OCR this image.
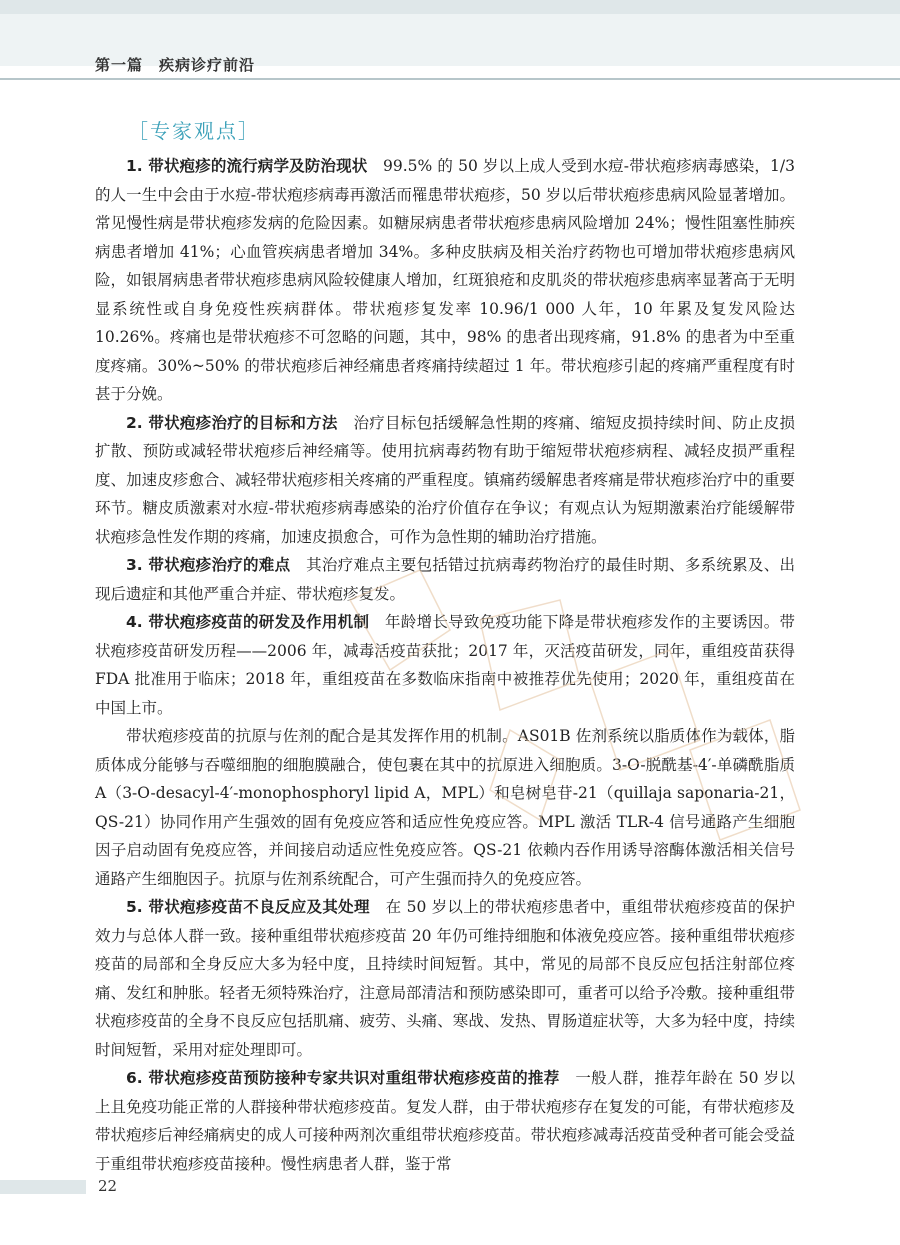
第一篇　疾病诊疗前沿
［专家观点］

1. 带状疱疹的流行病学及防治现状　99.5% 的 50 岁以上成人受到水痘-带状疱疹病毒感染，1/3 的人一生中会由于水痘-带状疱疹病毒再激活而罹患带状疱疹，50 岁以后带状疱疹患病风险显著增加。常见慢性病是带状疱疹发病的危险因素。如糖尿病患者带状疱疹患病风险增加 24%；慢性阻塞性肺疾病患者增加 41%；心血管疾病患者增加 34%。多种皮肤病及相关治疗药物也可增加带状疱疹患病风险，如银屑病患者带状疱疹患病风险较健康人增加，红斑狼疮和皮肌炎的带状疱疹患病率显著高于无明显系统性或自身免疫性疾病群体。带状疱疹复发率 10.96/1 000 人年，10 年累及复发风险达 10.26%。疼痛也是带状疱疹不可忽略的问题，其中，98% 的患者出现疼痛，91.8% 的患者为中至重度疼痛。30%~50% 的带状疱疹后神经痛患者疼痛持续超过 1 年。带状疱疹引起的疼痛严重程度有时甚于分娩。

2. 带状疱疹治疗的目标和方法　治疗目标包括缓解急性期的疼痛、缩短皮损持续时间、防止皮损扩散、预防或减轻带状疱疹后神经痛等。使用抗病毒药物有助于缩短带状疱疹病程、减轻皮损严重程度、加速皮疹愈合、减轻带状疱疹相关疼痛的严重程度。镇痛药缓解患者疼痛是带状疱疹治疗中的重要环节。糖皮质激素对水痘-带状疱疹病毒感染的治疗价值存在争议；有观点认为短期激素治疗能缓解带状疱疹急性发作期的疼痛，加速皮损愈合，可作为急性期的辅助治疗措施。

3. 带状疱疹治疗的难点　其治疗难点主要包括错过抗病毒药物治疗的最佳时期、多系统累及、出现后遗症和其他严重合并症、带状疱疹复发。

4. 带状疱疹疫苗的研发及作用机制　年龄增长导致免疫功能下降是带状疱疹发作的主要诱因。带状疱疹疫苗研发历程——2006 年，减毒活疫苗获批；2017 年，灭活疫苗研发，同年，重组疫苗获得 FDA 批准用于临床；2018 年，重组疫苗在多数临床指南中被推荐优先使用；2020 年，重组疫苗在中国上市。

带状疱疹疫苗的抗原与佐剂的配合是其发挥作用的机制。AS01B 佐剂系统以脂质体作为载体，脂质体成分能够与吞噬细胞的细胞膜融合，使包裹在其中的抗原进入细胞质。3-O-脱酰基-4′-单磷酰脂质 A（3-O-desacyl-4′-monophosphoryl lipid A，MPL）和皂树皂苷-21（quillaja saponaria-21，QS-21）协同作用产生强效的固有免疫应答和适应性免疫应答。MPL 激活 TLR-4 信号通路产生细胞因子启动固有免疫应答，并间接启动适应性免疫应答。QS-21 依赖内吞作用诱导溶酶体激活相关信号通路产生细胞因子。抗原与佐剂系统配合，可产生强而持久的免疫应答。

5. 带状疱疹疫苗不良反应及其处理　在 50 岁以上的带状疱疹患者中，重组带状疱疹疫苗的保护效力与总体人群一致。接种重组带状疱疹疫苗 20 年仍可维持细胞和体液免疫应答。接种重组带状疱疹疫苗的局部和全身反应大多为轻中度，且持续时间短暂。其中，常见的局部不良反应包括注射部位疼痛、发红和肿胀。轻者无须特殊治疗，注意局部清洁和预防感染即可，重者可以给予冷敷。接种重组带状疱疹疫苗的全身不良反应包括肌痛、疲劳、头痛、寒战、发热、胃肠道症状等，大多为轻中度，持续时间短暂，采用对症处理即可。

6. 带状疱疹疫苗预防接种专家共识对重组带状疱疹疫苗的推荐　一般人群，推荐年龄在 50 岁以上且免疫功能正常的人群接种带状疱疹疫苗。复发人群，由于带状疱疹存在复发的可能，有带状疱疹及带状疱疹后神经痛病史的成人可接种两剂次重组带状疱疹疫苗。带状疱疹减毒活疫苗受种者可能会受益于重组带状疱疹疫苗接种。慢性病患者人群，鉴于常

22
